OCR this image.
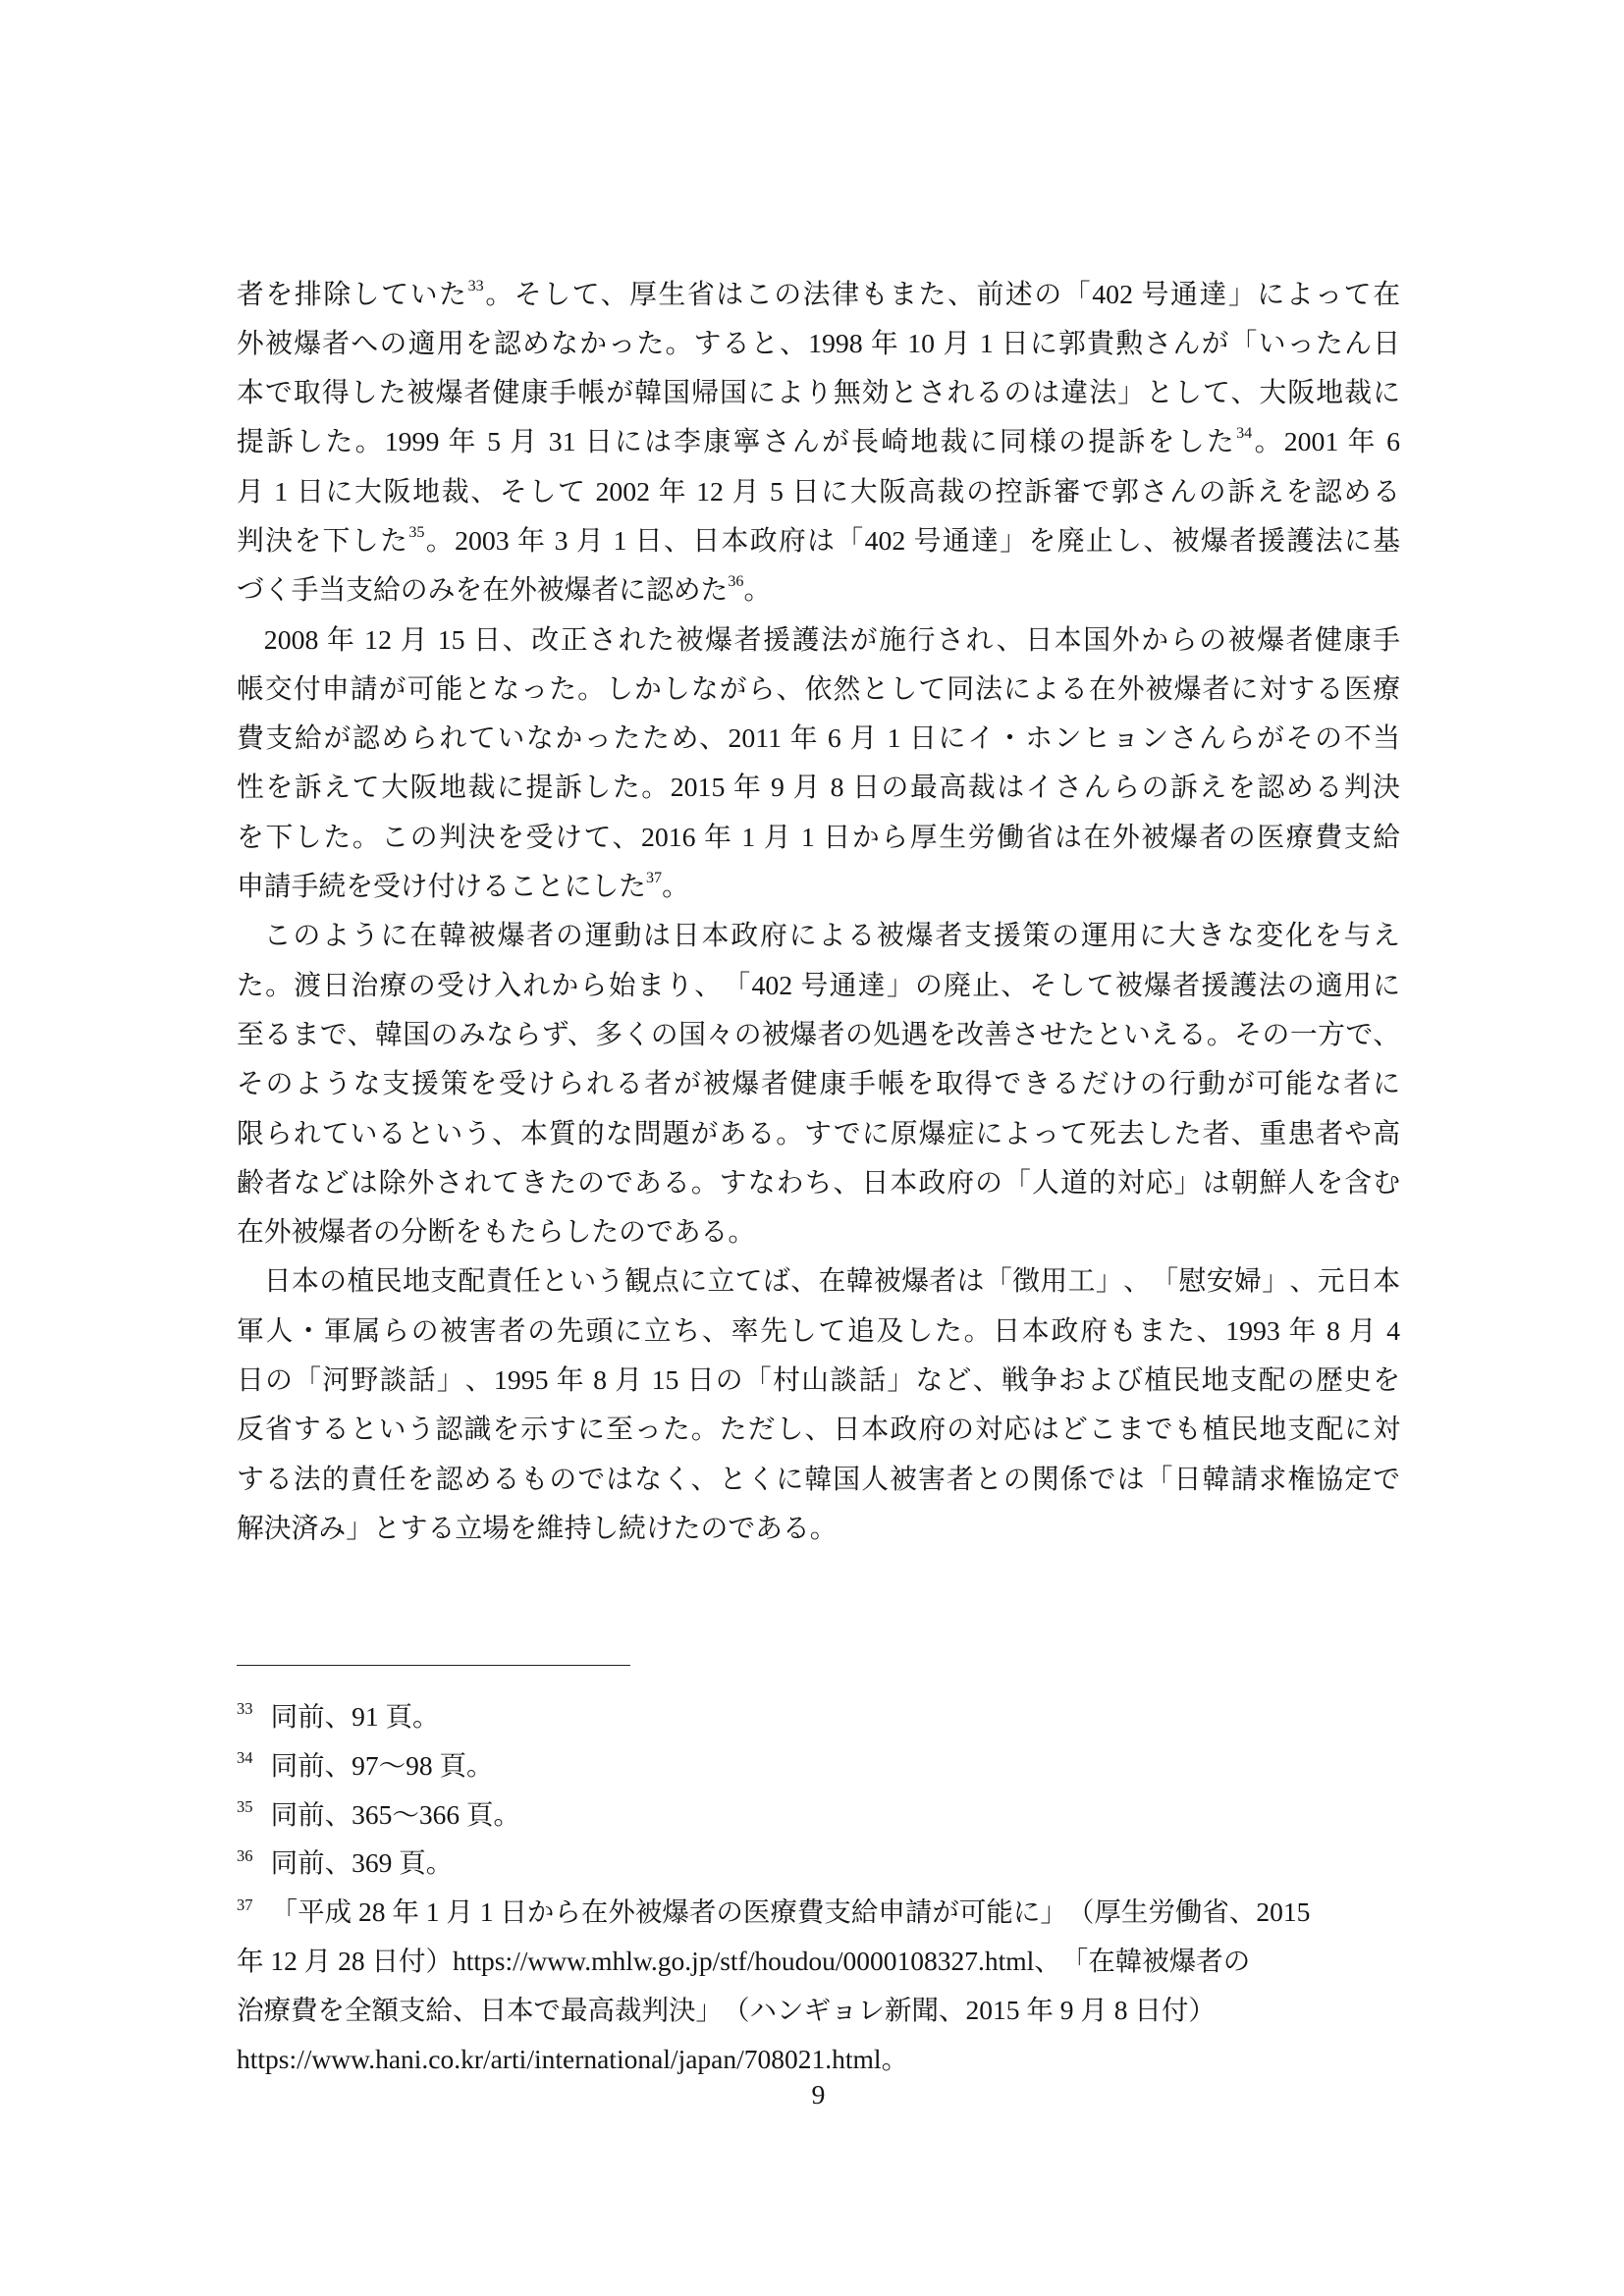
者を排除していた$^{33}$。そして、厚生省はこの法律もまた、前述の「402 号通達」によって在
外被爆者への適用を認めなかった。すると、1998 年 10 月 1 日に郭貴勲さんが「いったん日
本で取得した被爆者健康手帳が韓国帰国により無効とされるのは違法」として、大阪地裁に
提訴した。1999 年 5 月 31 日には李康寧さんが長崎地裁に同様の提訴をした$^{34}$。2001 年 6
月 1 日に大阪地裁、そして 2002 年 12 月 5 日に大阪高裁の控訴審で郭さんの訴えを認める
判決を下した$^{35}$。2003 年 3 月 1 日、日本政府は「402 号通達」を廃止し、被爆者援護法に基
づく手当支給のみを在外被爆者に認めた$^{36}$。
2008 年 12 月 15 日、改正された被爆者援護法が施行され、日本国外からの被爆者健康手
帳交付申請が可能となった。しかしながら、依然として同法による在外被爆者に対する医療
費支給が認められていなかったため、2011 年 6 月 1 日にイ・ホンヒョンさんらがその不当
性を訴えて大阪地裁に提訴した。2015 年 9 月 8 日の最高裁はイさんらの訴えを認める判決
を下した。この判決を受けて、2016 年 1 月 1 日から厚生労働省は在外被爆者の医療費支給
申請手続を受け付けることにした$^{37}$。
このように在韓被爆者の運動は日本政府による被爆者支援策の運用に大きな変化を与え
た。渡日治療の受け入れから始まり、「402 号通達」の廃止、そして被爆者援護法の適用に
至るまで、韓国のみならず、多くの国々の被爆者の処遇を改善させたといえる。その一方で、
そのような支援策を受けられる者が被爆者健康手帳を取得できるだけの行動が可能な者に
限られているという、本質的な問題がある。すでに原爆症によって死去した者、重患者や高
齢者などは除外されてきたのである。すなわち、日本政府の「人道的対応」は朝鮮人を含む
在外被爆者の分断をもたらしたのである。
日本の植民地支配責任という観点に立てば、在韓被爆者は「徴用工」、「慰安婦」、元日本
軍人・軍属らの被害者の先頭に立ち、率先して追及した。日本政府もまた、1993 年 8 月 4
日の「河野談話」、1995 年 8 月 15 日の「村山談話」など、戦争および植民地支配の歴史を
反省するという認識を示すに至った。ただし、日本政府の対応はどこまでも植民地支配に対
する法的責任を認めるものではなく、とくに韓国人被害者との関係では「日韓請求権協定で
解決済み」とする立場を維持し続けたのである。
$^{33}$ 同前、91 頁。
$^{34}$ 同前、97～98 頁。
$^{35}$ 同前、365～366 頁。
$^{36}$ 同前、369 頁。
$^{37}$ 「平成 28 年 1 月 1 日から在外被爆者の医療費支給申請が可能に」（厚生労働省、2015
年 12 月 28 日付）https://www.mhlw.go.jp/stf/houdou/0000108327.html、「在韓被爆者の
治療費を全額支給、日本で最高裁判決」（ハンギョレ新聞、2015 年 9 月 8 日付）
https://www.hani.co.kr/arti/international/japan/708021.html。
9
